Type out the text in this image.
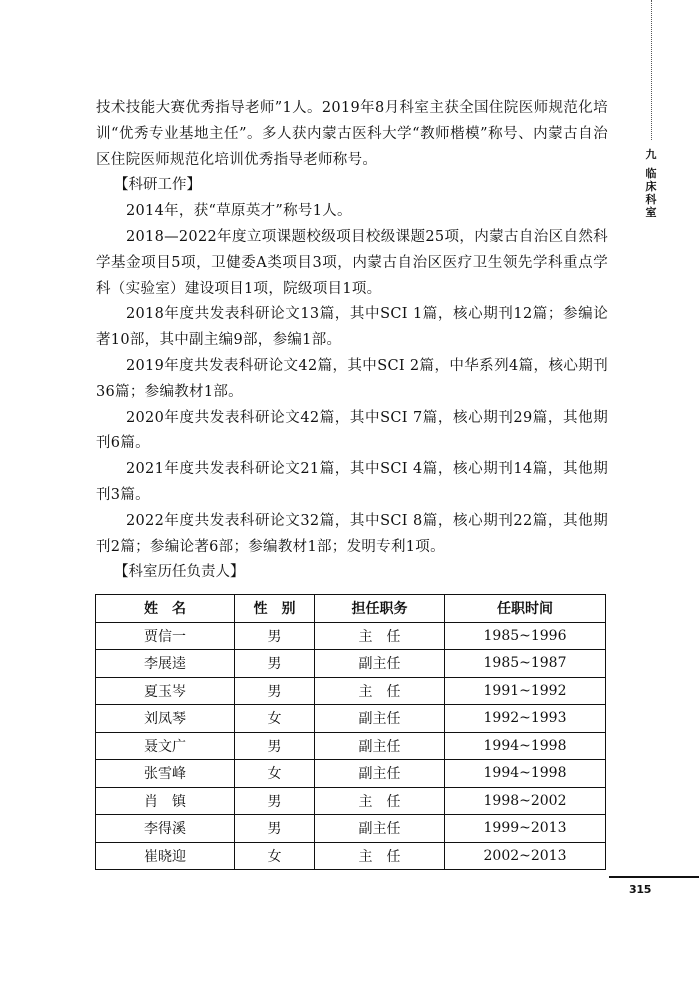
九
临
床
科
室

技术技能大赛优秀指导老师”1人。2019年8月科室主获全国住院医师规范化培训“优秀专业基地主任”。多人获内蒙古医科大学“教师楷模”称号、内蒙古自治区住院医师规范化培训优秀指导老师称号。

【科研工作】

2014年，获“草原英才”称号1人。

2018—2022年度立项课题校级项目校级课题25项，内蒙古自治区自然科学基金项目5项，卫健委A类项目3项，内蒙古自治区医疗卫生领先学科重点学科（实验室）建设项目1项，院级项目1项。

2018年度共发表科研论文13篇，其中SCI 1篇，核心期刊12篇；参编论著10部，其中副主编9部，参编1部。

2019年度共发表科研论文42篇，其中SCI 2篇，中华系列4篇，核心期刊36篇；参编教材1部。

2020年度共发表科研论文42篇，其中SCI 7篇，核心期刊29篇，其他期刊6篇。

2021年度共发表科研论文21篇，其中SCI 4篇，核心期刊14篇，其他期刊3篇。

2022年度共发表科研论文32篇，其中SCI 8篇，核心期刊22篇，其他期刊2篇；参编论著6部；参编教材1部；发明专利1项。

【科室历任负责人】

姓　名	性　别	担任职务	任职时间
贾信一	男	主　任	1985~1996
李展逵	男	副主任	1985~1987
夏玉岑	男	主　任	1991~1992
刘凤琴	女	副主任	1992~1993
聂文广	男	副主任	1994~1998
张雪峰	女	副主任	1994~1998
肖　镇	男	主　任	1998~2002
李得溪	男	副主任	1999~2013
崔晓迎	女	主　任	2002~2013
315
